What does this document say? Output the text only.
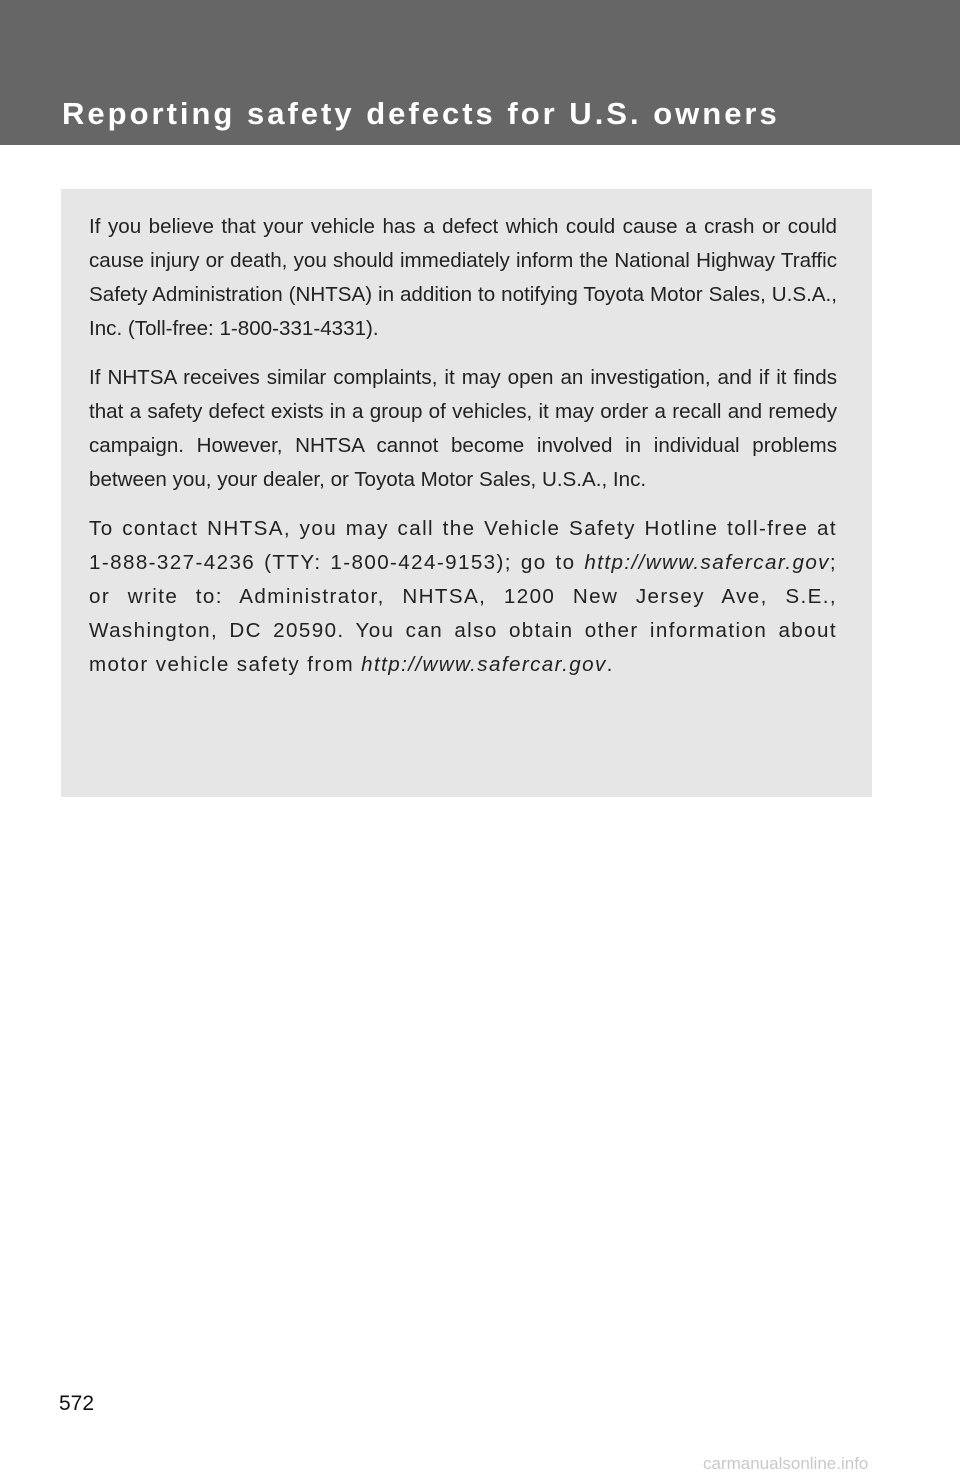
Reporting safety defects for U.S. owners

If you believe that your vehicle has a defect which could cause a crash or could cause injury or death, you should immediately inform the National Highway Traffic Safety Administration (NHTSA) in addition to notifying Toyota Motor Sales, U.S.A., Inc. (Toll-free: 1-800-331-4331).

If NHTSA receives similar complaints, it may open an investigation, and if it finds that a safety defect exists in a group of vehicles, it may order a recall and remedy campaign. However, NHTSA cannot become involved in individual problems between you, your dealer, or Toyota Motor Sales, U.S.A., Inc.

To contact NHTSA, you may call the Vehicle Safety Hotline toll-free at 1-888-327-4236 (TTY: 1-800-424-9153); go to http://www.safercar.gov; or write to: Administrator, NHTSA, 1200 New Jersey Ave, S.E., Washington, DC 20590. You can also obtain other information about motor vehicle safety from http://www.safercar.gov.

572
carmanualsonline.info
